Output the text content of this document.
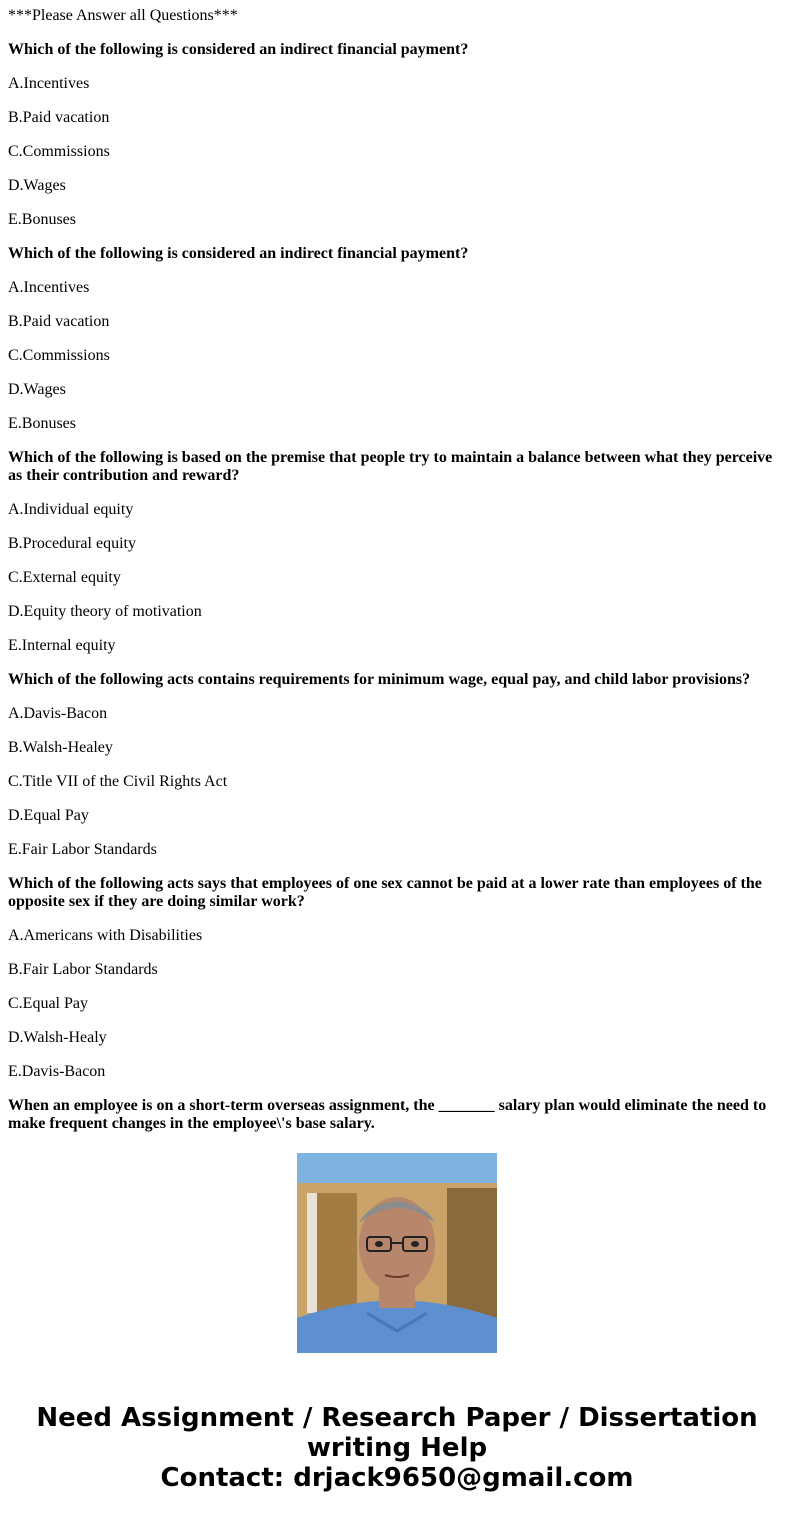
***Please Answer all Questions***

Which of the following is considered an indirect financial payment?

A.Incentives

B.Paid vacation

C.Commissions

D.Wages

E.Bonuses

Which of the following is considered an indirect financial payment?

A.Incentives

B.Paid vacation

C.Commissions

D.Wages

E.Bonuses

Which of the following is based on the premise that people try to maintain a balance between what they perceive as their contribution and reward?

A.Individual equity

B.Procedural equity

C.External equity

D.Equity theory of motivation

E.Internal equity

Which of the following acts contains requirements for minimum wage, equal pay, and child labor provisions?

A.Davis-Bacon

B.Walsh-Healey

C.Title VII of the Civil Rights Act

D.Equal Pay

E.Fair Labor Standards

Which of the following acts says that employees of one sex cannot be paid at a lower rate than employees of the opposite sex if they are doing similar work?

A.Americans with Disabilities

B.Fair Labor Standards

C.Equal Pay

D.Walsh-Healy

E.Davis-Bacon

When an employee is on a short-term overseas assignment, the _______ salary plan would eliminate the need to make frequent changes in the employee\'s base salary.

Need Assignment / Research Paper / Dissertation
writing Help
Contact: drjack9650@gmail.com
